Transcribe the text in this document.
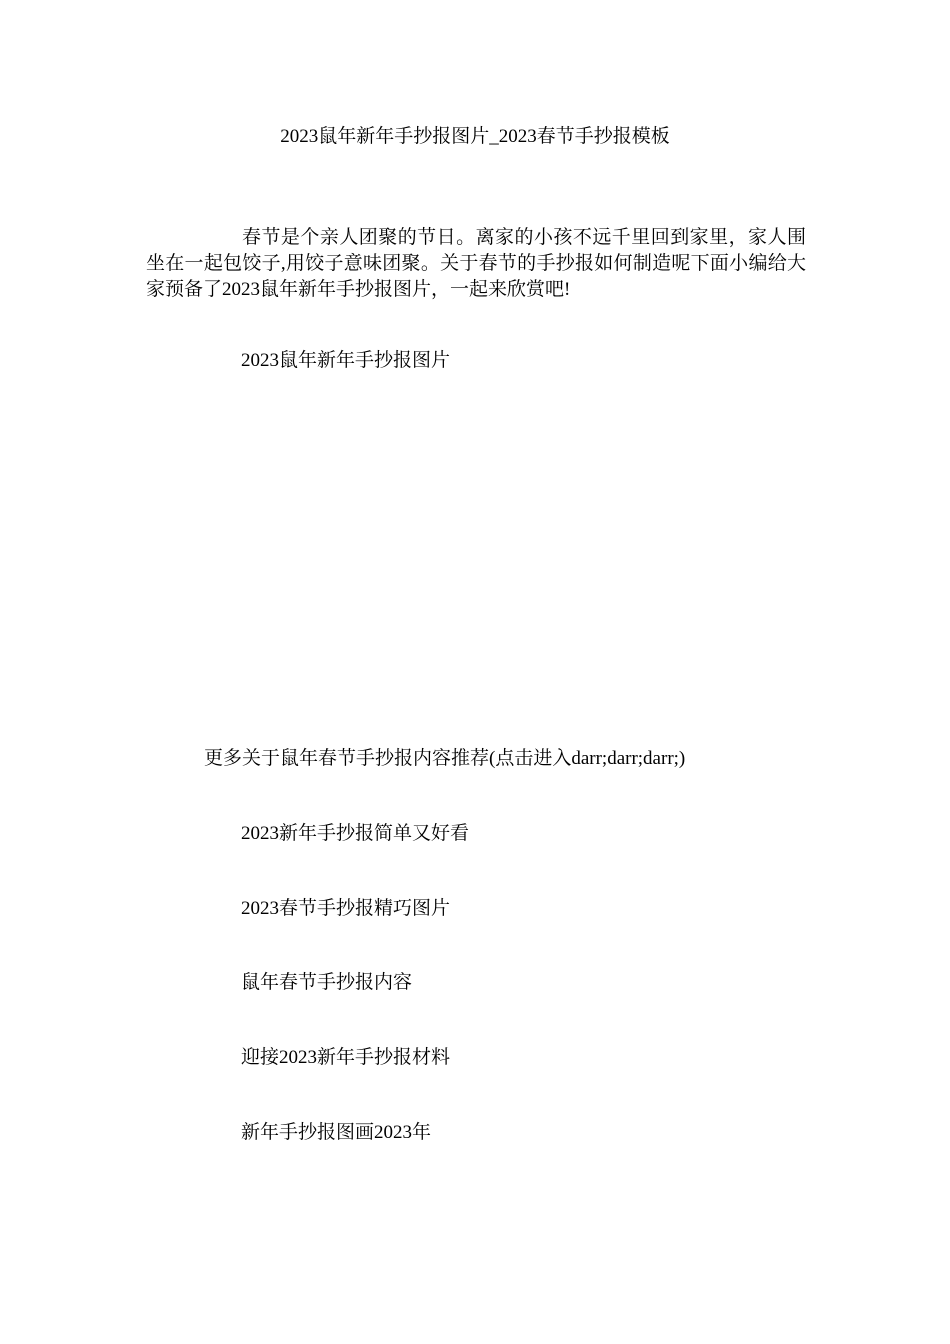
2023鼠年新年手抄报图片_2023春节手抄报模板
春节是个亲人团聚的节日。离家的小孩不远千里回到家里，家人围坐在一起包饺子,用饺子意味团聚。关于春节的手抄报如何制造呢下面小编给大家预备了2023鼠年新年手抄报图片，一起来欣赏吧!
2023鼠年新年手抄报图片
更多关于鼠年春节手抄报内容推荐(点击进入darr;darr;darr;)
2023新年手抄报简单又好看
2023春节手抄报精巧图片
鼠年春节手抄报内容
迎接2023新年手抄报材料
新年手抄报图画2023年
